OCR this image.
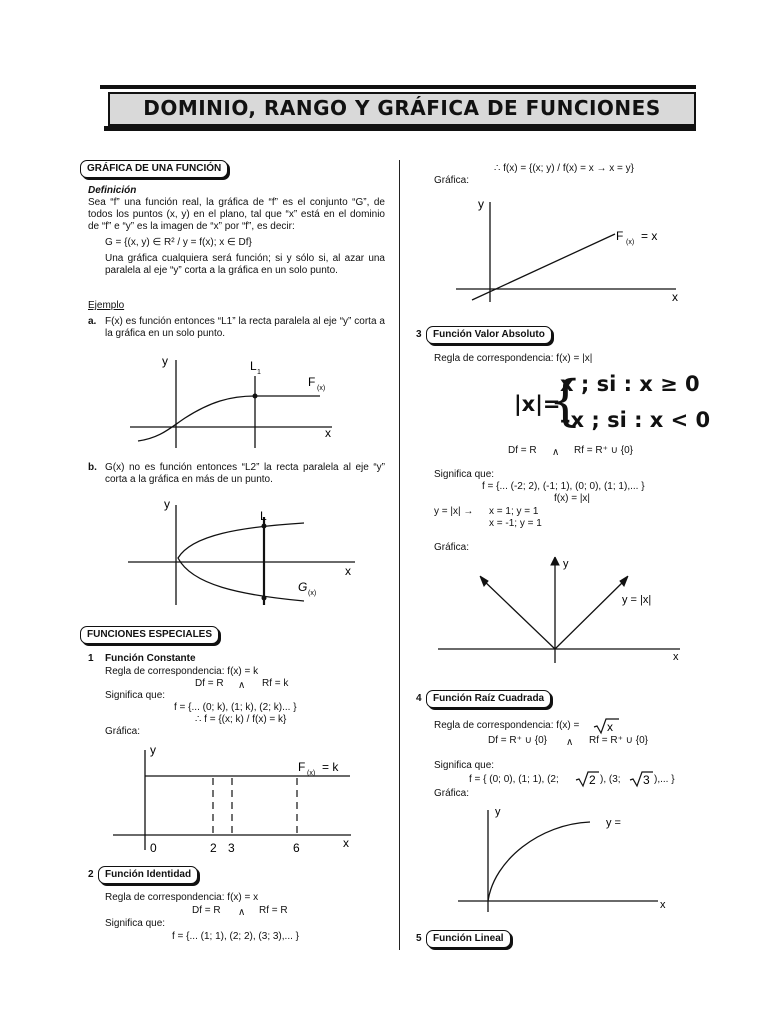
DOMINIO, RANGO Y GRÁFICA DE FUNCIONES
GRÁFICA DE UNA FUNCIÓN
Definición
Sea “f” una función real, la gráfica de “f” es el conjunto “G”, de todos los puntos (x, y) en el plano, tal que “x” está en el dominio de “f” e “y” es la imagen de “x” por “f”, es decir:
G = {(x, y) ∈ R² / y = f(x); x ∈ Df}
Una gráfica cualquiera será función; si y sólo si, al azar una paralela al eje “y” corta a la gráfica en un solo punto.
Ejemplo
a. F(x) es función entonces “L1” la recta paralela al eje “y” corta a la gráfica en un solo punto.
y
x
L 1
F (x)
b. G(x) no es función entonces “L2” la recta paralela al eje “y” corta a la gráfica en más de un punto.
y
x
L
G (x)
FUNCIONES ESPECIALES
1 Función Constante
Regla de correspondencia: f(x) = k
Df = R ∧ Rf = k
Significa que:
f = {... (0; k), (1; k), (2; k)... }
∴ f = {(x; k) / f(x) = k}
Gráfica:
y
x
F (x) = k
0	2 3	6
2	Función Identidad
Regla de correspondencia: f(x) = x
Df = R ∧ Rf = R
Significa que:
f = {... (1; 1), (2; 2), (3; 3),... }
∴ f(x) = {(x; y) / f(x) = x → x = y}
Gráfica:
y
x
F (x) = x
3	Función Valor Absoluto
Regla de correspondencia: f(x) = |x|
|x|=
{
x ; si : x ≥ 0
–x ; si : x < 0
Df = R ∧ Rf = R⁺ ∪ {0}
Significa que:
f = {... (-2; 2), (-1; 1), (0; 0), (1; 1),... }
f(x) = |x|
y = |x| → x = 1; y = 1
x = -1; y = 1
Gráfica:
y
x
y = |x|
4	Función Raíz Cuadrada
Regla de correspondencia: f(x) = x
Df = R⁺ ∪ {0} ∧ Rf = R⁺ ∪ {0}
Significa que:
f = { (0; 0), (1; 1), (2;	2 ), (3; 3 ),... }
Gráfica:
y
x
y =
5	Función Lineal
